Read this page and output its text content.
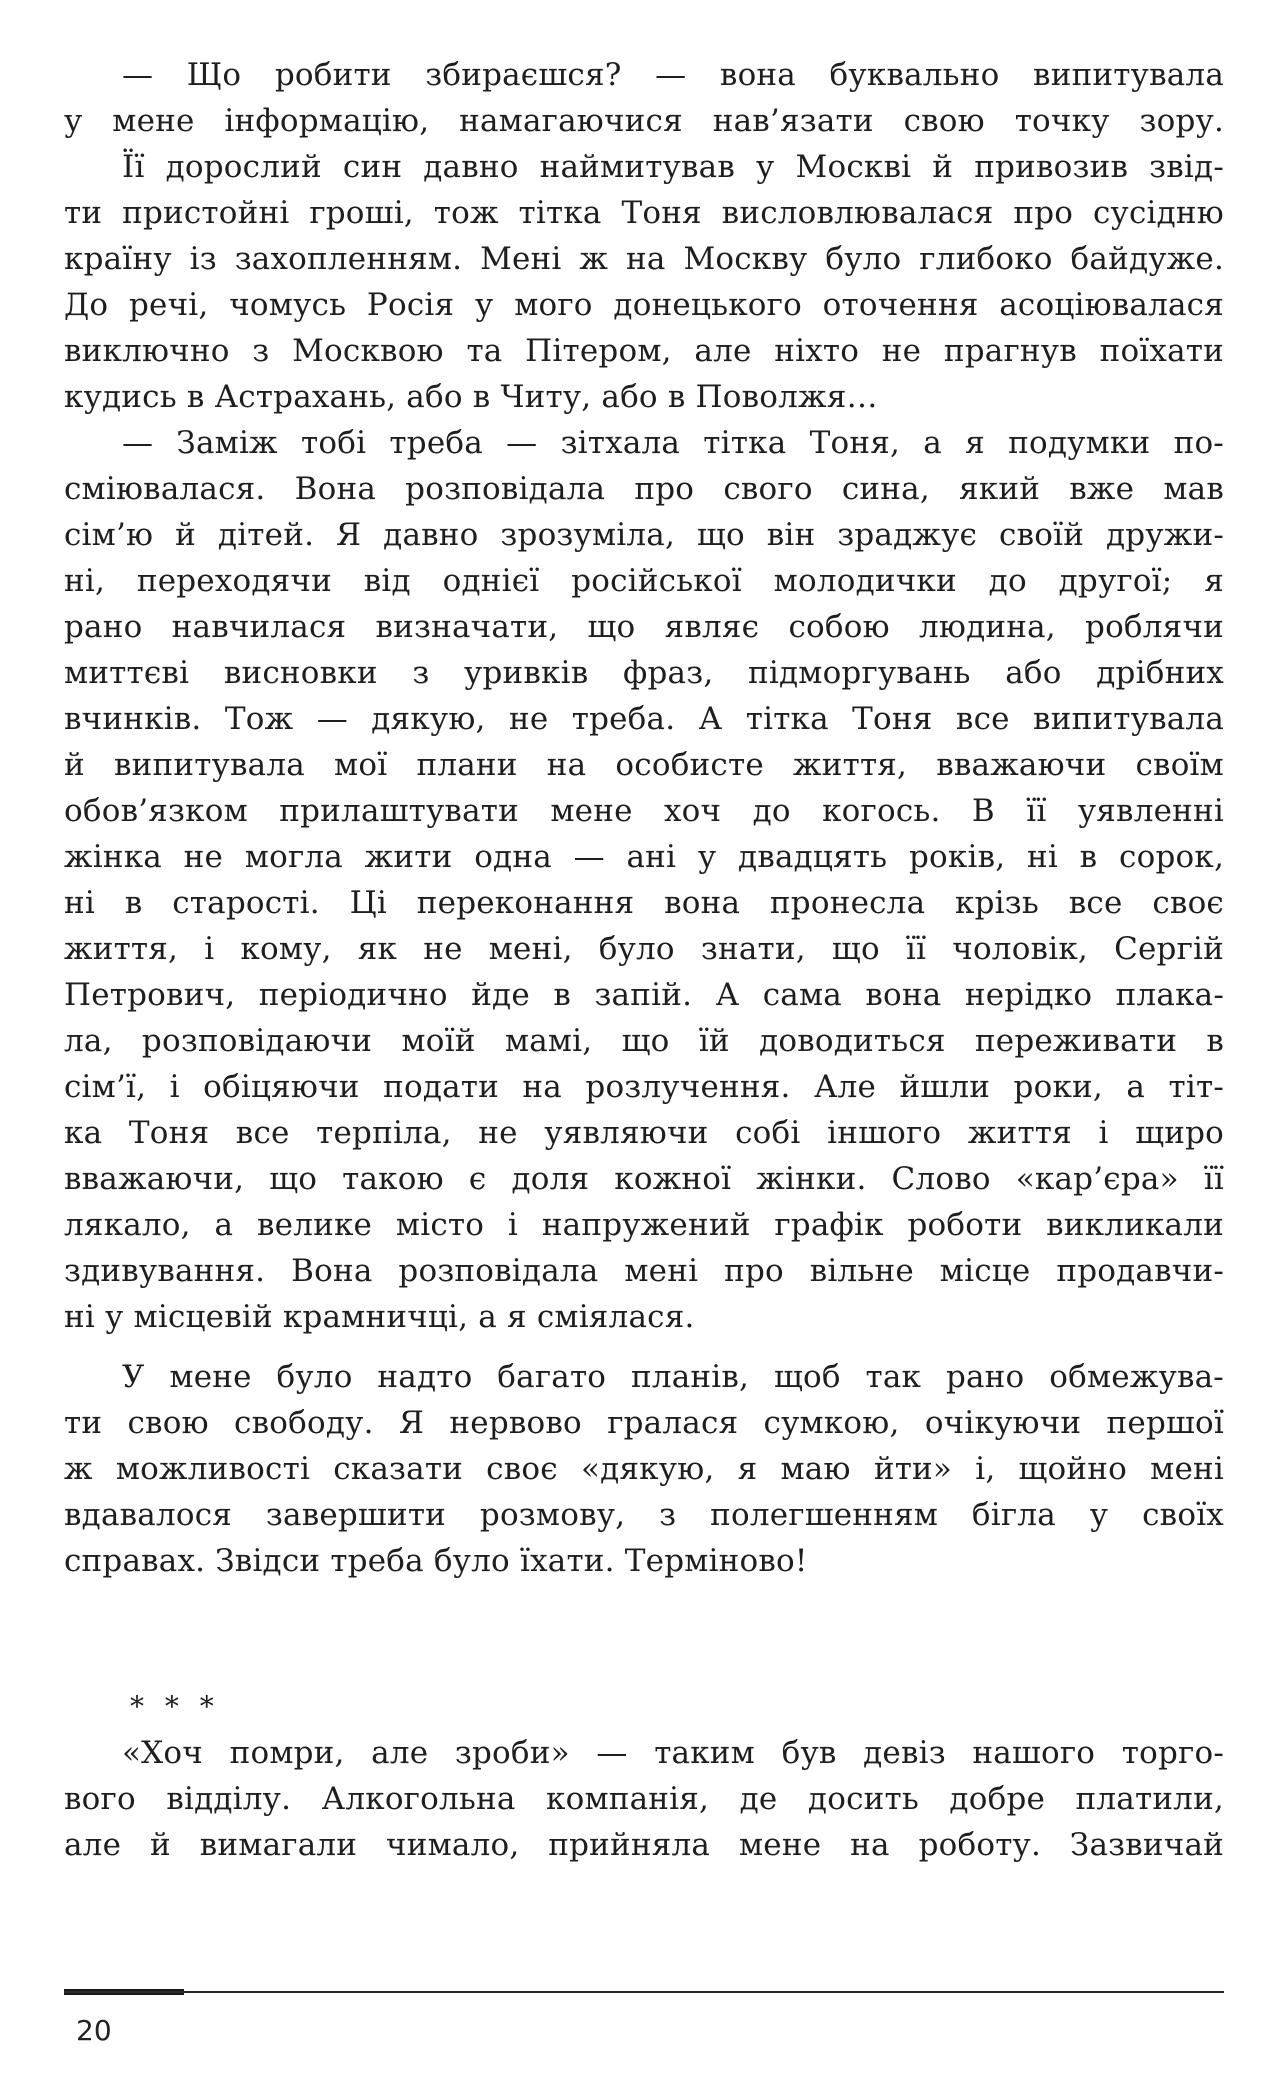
— Що робити збираєшся? — вона буквально випитувала
у мене інформацію, намагаючися нав’язати свою точку зору.
Її дорослий син давно наймитував у Москві й привозив звід-
ти пристойні гроші, тож тітка Тоня висловлювалася про сусідню
країну із захопленням. Мені ж на Москву було глибоко байдуже.
До речі, чомусь Росія у мого донецького оточення асоціювалася
виключно з Москвою та Пітером, але ніхто не прагнув поїхати
кудись в Астрахань, або в Читу, або в Поволжя…
— Заміж тобі треба — зітхала тітка Тоня, а я подумки по-
сміювалася. Вона розповідала про свого сина, який вже мав
сім’ю й дітей. Я давно зрозуміла, що він зраджує своїй дружи-
ні, переходячи від однієї російської молодички до другої; я
рано навчилася визначати, що являє собою людина, роблячи
миттєві висновки з уривків фраз, підморгувань або дрібних
вчинків. Тож — дякую, не треба. А тітка Тоня все випитувала
й випитувала мої плани на особисте життя, вважаючи своїм
обов’язком прилаштувати мене хоч до когось. В її уявленні
жінка не могла жити одна — ані у двадцять років, ні в сорок,
ні в старості. Ці переконання вона пронесла крізь все своє
життя, і кому, як не мені, було знати, що її чоловік, Сергій
Петрович, періодично йде в запій. А сама вона нерідко плака-
ла, розповідаючи моїй мамі, що їй доводиться переживати в
сім’ї, і обіцяючи подати на розлучення. Але йшли роки, а тіт-
ка Тоня все терпіла, не уявляючи собі іншого життя і щиро
вважаючи, що такою є доля кожної жінки. Слово «кар’єра» її
лякало, а велике місто і напружений графік роботи викликали
здивування. Вона розповідала мені про вільне місце продавчи-
ні у місцевій крамничці, а я сміялася.
У мене було надто багато планів, щоб так рано обмежува-
ти свою свободу. Я нервово гралася сумкою, очікуючи першої
ж можливості сказати своє «дякую, я маю йти» і, щойно мені
вдавалося завершити розмову, з полегшенням бігла у своїх
справах. Звідси треба було їхати. Терміново!
* * *
«Хоч помри, але зроби» — таким був девіз нашого торго-
вого відділу. Алкогольна компанія, де досить добре платили,
але й вимагали чимало, прийняла мене на роботу. Зазвичай
20
